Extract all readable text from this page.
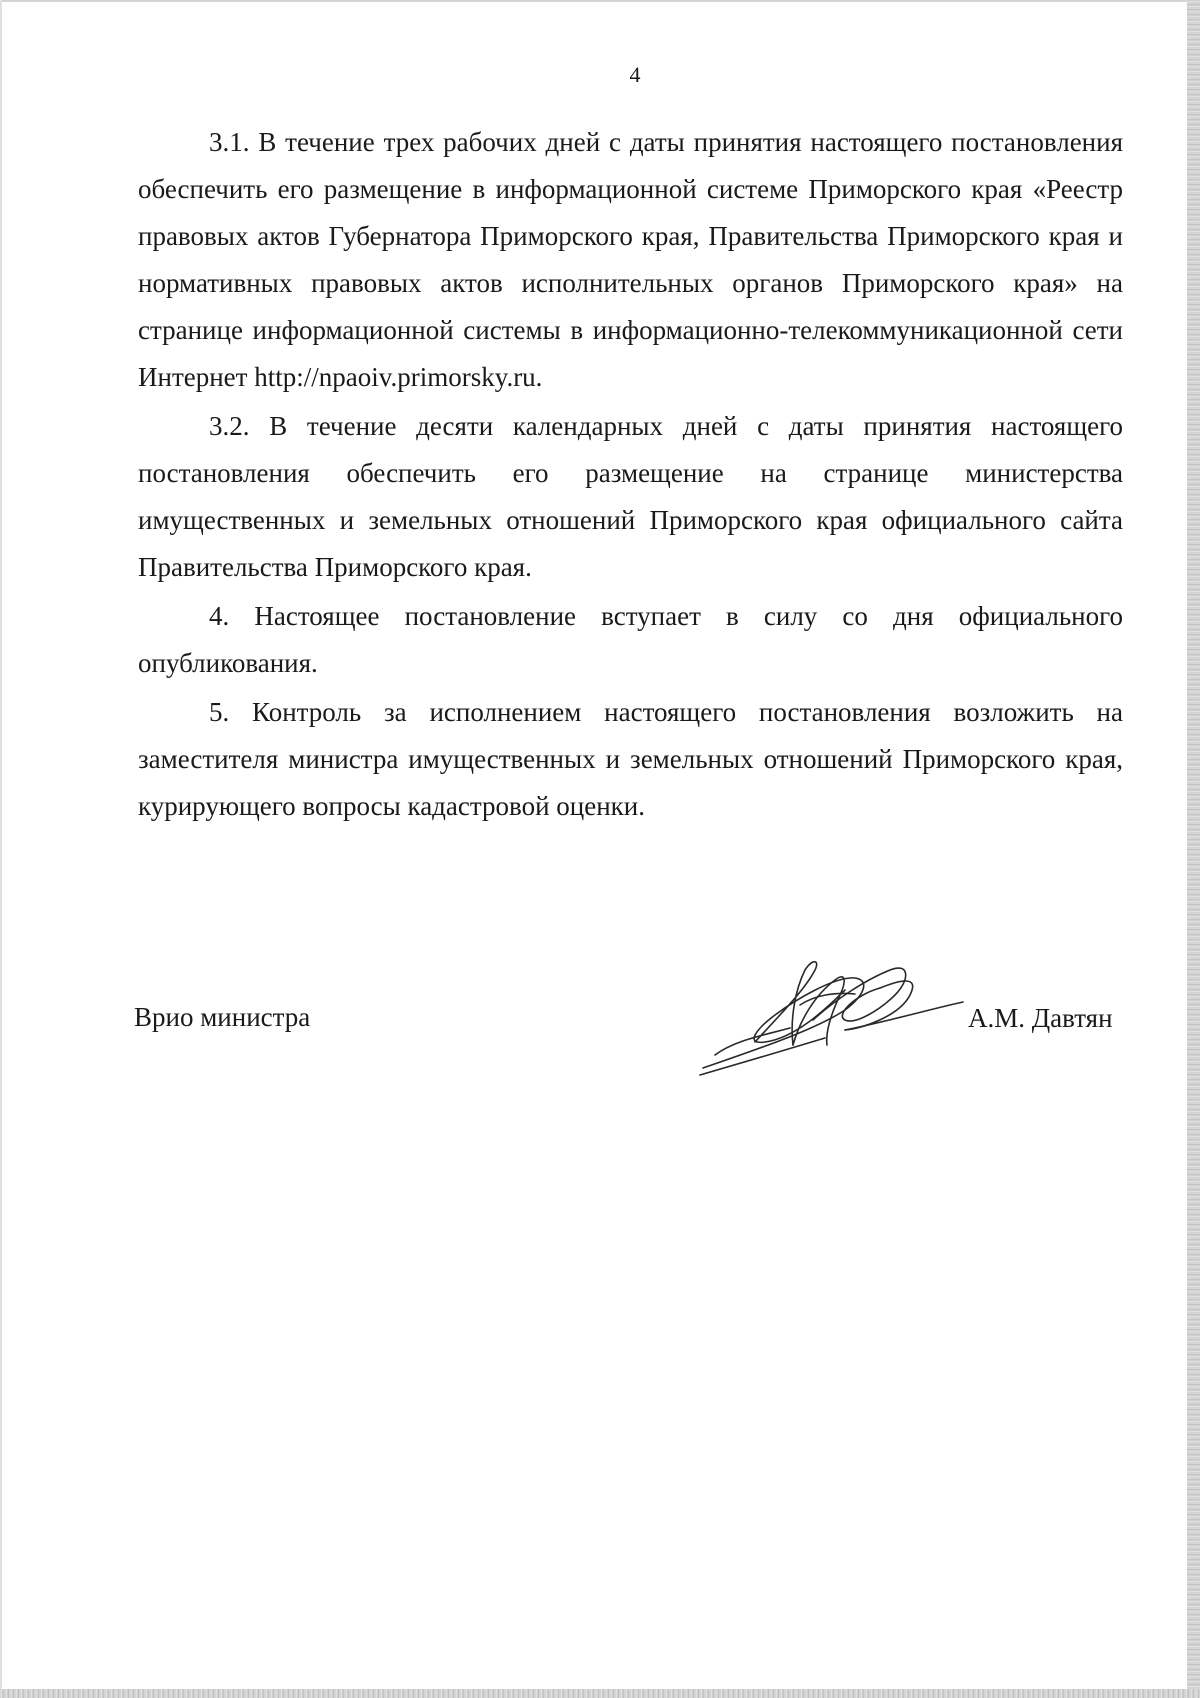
4

3.1. В течение трех рабочих дней с даты принятия настоящего постановления обеспечить его размещение в информационной системе Приморского края «Реестр правовых актов Губернатора Приморского края, Правительства Приморского края и нормативных правовых актов исполнительных органов Приморского края» на странице информационной системы в информационно-телекоммуникационной сети Интернет http://npaoiv.primorsky.ru.

3.2. В течение десяти календарных дней с даты принятия настоящего постановления обеспечить его размещение на странице министерства имущественных и земельных отношений Приморского края официального сайта Правительства Приморского края.

4. Настоящее постановление вступает в силу со дня официального опубликования.

5. Контроль за исполнением настоящего постановления возложить на заместителя министра имущественных и земельных отношений Приморского края, курирующего вопросы кадастровой оценки.

Врио министра	А.М. Давтян
